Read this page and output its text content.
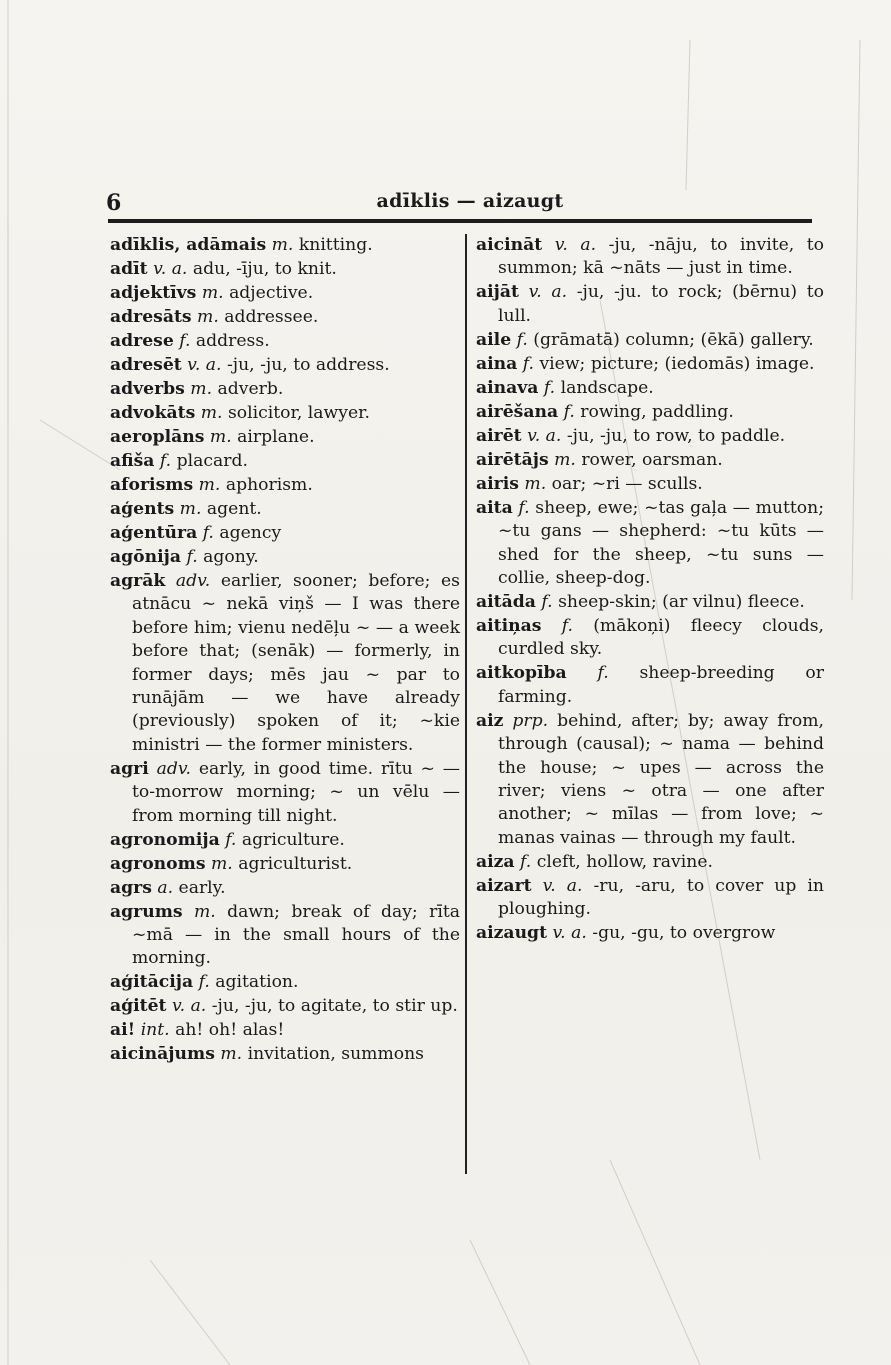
6	adīklis — aizaugt
adīklis, adāmais m. knitting.
adīt v. a. adu, -īju, to knit.
adjektīvs m. adjective.
adresāts m. addressee.
adrese f. address.
adresēt v. a. -ju, -ju, to address.
adverbs m. adverb.
advokāts m. solicitor, lawyer.
aeroplāns m. airplane.
afiša f. placard.
aforisms m. aphorism.
aģents m. agent.
aģentūra f. agency
agōnija f. agony.
agrāk adv. earlier, sooner; before; es atnācu ~ nekā viņš — I was there before him; vienu nedēļu ~ — a week before that; (senāk) — formerly, in former days; mēs jau ~ par to runājām — we have already (previously) spoken of it; ~kie ministri — the former ministers.
agri adv. early, in good time. rītu ~ — to-morrow morning; ~ un vēlu — from morning till night.
agronomija f. agriculture.
agronoms m. agriculturist.
agrs a. early.
agrums m. dawn; break of day; rīta ~mā — in the small hours of the morning.
aģitācija f. agitation.
aģitēt v. a. -ju, -ju, to agitate, to stir up.
ai! int. ah! oh! alas!
aicinājums m. invitation, summons
aicināt v. a. -ju, -nāju, to invite, to summon; kā ~nāts — just in time.
aijāt v. a. -ju, -ju. to rock; (bērnu) to lull.
aile f. (grāmatā) column; (ēkā) gallery.
aina f. view; picture; (iedomās) image.
ainava f. landscape.
airēšana f. rowing, paddling.
airēt v. a. -ju, -ju, to row, to paddle.
airētājs m. rower, oarsman.
airis m. oar; ~ri — sculls.
aita f. sheep, ewe; ~tas gaļa — mutton; ~tu gans — shepherd: ~tu kūts — shed for the sheep, ~tu suns — collie, sheep-dog.
aitāda f. sheep-skin; (ar vilnu) fleece.
aitiņas f. (mākoņi) fleecy clouds, curdled sky.
aitkopība f. sheep-breeding or farming.
aiz prp. behind, after; by; away from, through (causal); ~ nama — behind the house; ~ upes — across the river; viens ~ otra — one after another; ~ mīlas — from love; ~ manas vainas — through my fault.
aiza f. cleft, hollow, ravine.
aizart v. a. -ru, -aru, to cover up in ploughing.
aizaugt v. a. -gu, -gu, to overgrow
